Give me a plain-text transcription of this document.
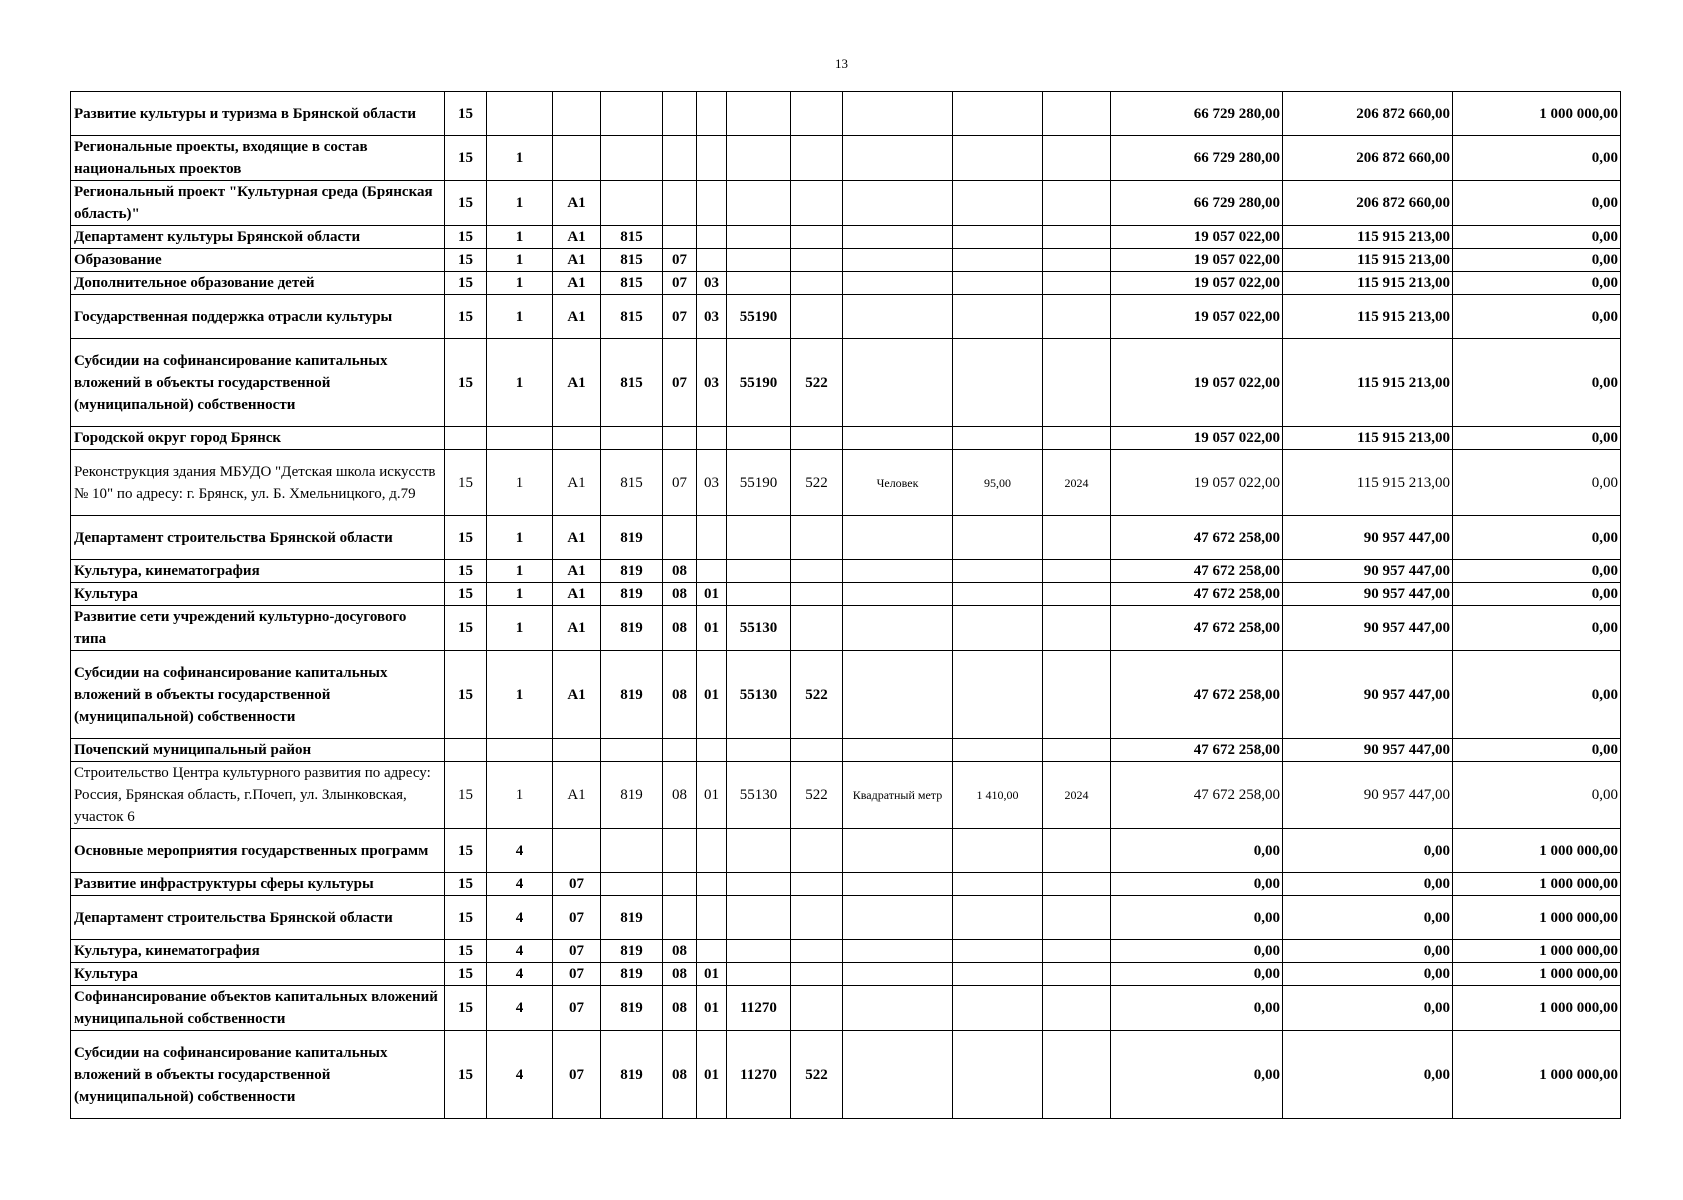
13
Развитие культуры и туризма в Брянской области	15											66 729 280,00	206 872 660,00	1 000 000,00
Региональные проекты, входящие в состав национальных проектов	15	1										66 729 280,00	206 872 660,00	0,00
Региональный проект "Культурная среда (Брянская область)"	15	1	А1									66 729 280,00	206 872 660,00	0,00
Департамент культуры Брянской области	15	1	А1	815								19 057 022,00	115 915 213,00	0,00
Образование	15	1	А1	815	07							19 057 022,00	115 915 213,00	0,00
Дополнительное образование детей	15	1	А1	815	07	03						19 057 022,00	115 915 213,00	0,00
Государственная поддержка отрасли культуры	15	1	А1	815	07	03	55190					19 057 022,00	115 915 213,00	0,00
Субсидии на софинансирование капитальных вложений в объекты государственной (муниципальной) собственности	15	1	А1	815	07	03	55190	522				19 057 022,00	115 915 213,00	0,00
Городской округ город Брянск												19 057 022,00	115 915 213,00	0,00
Реконструкция здания МБУДО "Детская школа искусств № 10" по адресу: г. Брянск, ул. Б. Хмельницкого, д.79	15	1	А1	815	07	03	55190	522	Человек	95,00	2024	19 057 022,00	115 915 213,00	0,00
Департамент строительства Брянской области	15	1	А1	819								47 672 258,00	90 957 447,00	0,00
Культура, кинематография	15	1	А1	819	08							47 672 258,00	90 957 447,00	0,00
Культура	15	1	А1	819	08	01						47 672 258,00	90 957 447,00	0,00
Развитие сети учреждений культурно-досугового типа	15	1	А1	819	08	01	55130					47 672 258,00	90 957 447,00	0,00
Субсидии на софинансирование капитальных вложений в объекты государственной (муниципальной) собственности	15	1	А1	819	08	01	55130	522				47 672 258,00	90 957 447,00	0,00
Почепский муниципальный район												47 672 258,00	90 957 447,00	0,00
Строительство Центра культурного развития по адресу: Россия, Брянская область, г.Почеп, ул. Злынковская, участок 6	15	1	А1	819	08	01	55130	522	Квадратный метр	1 410,00	2024	47 672 258,00	90 957 447,00	0,00
Основные мероприятия государственных программ	15	4										0,00	0,00	1 000 000,00
Развитие инфраструктуры сферы культуры	15	4	07									0,00	0,00	1 000 000,00
Департамент строительства Брянской области	15	4	07	819								0,00	0,00	1 000 000,00
Культура, кинематография	15	4	07	819	08							0,00	0,00	1 000 000,00
Культура	15	4	07	819	08	01						0,00	0,00	1 000 000,00
Софинансирование объектов капитальных вложений муниципальной собственности	15	4	07	819	08	01	11270					0,00	0,00	1 000 000,00
Субсидии на софинансирование капитальных вложений в объекты государственной (муниципальной) собственности	15	4	07	819	08	01	11270	522				0,00	0,00	1 000 000,00
